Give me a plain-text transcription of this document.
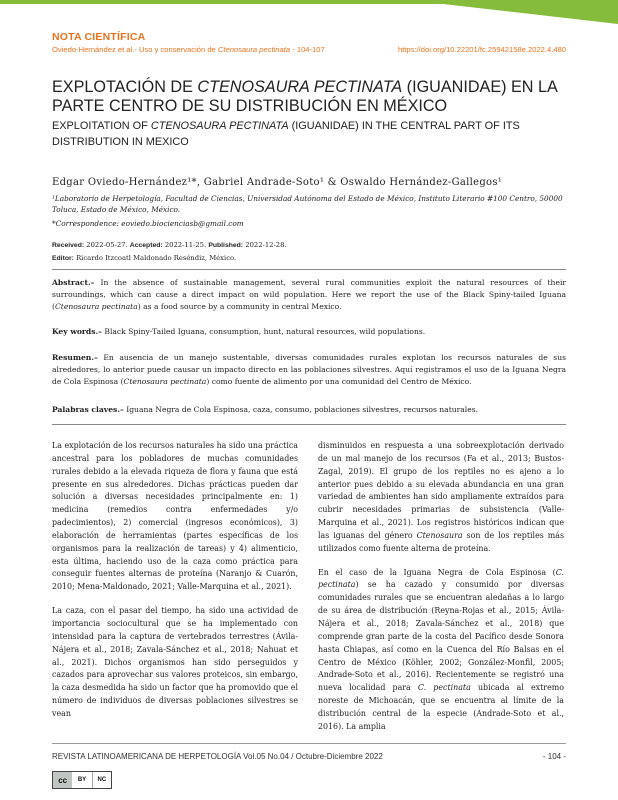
NOTA CIENTÍFICA
Oviedo-Hernández et al.- Uso y conservación de Ctenosaura pectinata - 104-107	https://doi.org/10.22201/fc.25942158e.2022.4.480
EXPLOTACIÓN DE CTENOSAURA PECTINATA (IGUANIDAE) EN LA PARTE CENTRO DE SU DISTRIBUCIÓN EN MÉXICO
EXPLOITATION OF CTENOSAURA PECTINATA (IGUANIDAE) IN THE CENTRAL PART OF ITS DISTRIBUTION IN MEXICO
Edgar Oviedo-Hernández¹*, Gabriel Andrade-Soto¹ & Oswaldo Hernández-Gallegos¹
¹Laboratorio de Herpetología, Facultad de Ciencias, Universidad Autónoma del Estado de México, Instituto Literario #100 Centro, 50000 Toluca, Estado de México, México.
*Correspondence: eoviedo.biocienciasb@gmail.com
Received: 2022-05-27. Accepted: 2022-11-25. Published: 2022-12-28.
Editor: Ricardo Itzcoatl Maldonado Reséndiz, México.
Abstract.– In the absence of sustainable management, several rural communities exploit the natural resources of their surroundings, which can cause a direct impact on wild population. Here we report the use of the Black Spiny-tailed Iguana (Ctenosaura pectinata) as a food source by a community in central Mexico.
Key words.– Black Spiny-Tailed Iguana, consumption, hunt, natural resources, wild populations.
Resumen.– En ausencia de un manejo sustentable, diversas comunidades rurales explotan los recursos naturales de sus alrededores, lo anterior puede causar un impacto directo en las poblaciones silvestres. Aquí registramos el uso de la Iguana Negra de Cola Espinosa (Ctenosaura pectinata) como fuente de alimento por una comunidad del Centro de México.
Palabras claves.– Iguana Negra de Cola Espinosa, caza, consumo, poblaciones silvestres, recursos naturales.

La explotación de los recursos naturales ha sido una práctica ancestral para los pobladores de muchas comunidades rurales debido a la elevada riqueza de flora y fauna que está presente en sus alrededores. Dichas prácticas pueden dar solución a diversas necesidades principalmente en: 1) medicina (remedios contra enfermedades y/o padecimientos), 2) comercial (ingresos económicos), 3) elaboración de herramientas (partes específicas de los organismos para la realización de tareas) y 4) alimenticio, esta última, haciendo uso de la caza como práctica para conseguir fuentes alternas de proteína (Naranjo & Cuarón, 2010; Mena-Maldonado, 2021; Valle-Marquina et al., 2021).

La caza, con el pasar del tiempo, ha sido una actividad de importancia sociocultural que se ha implementado con intensidad para la captura de vertebrados terrestres (Ávila-Nájera et al., 2018; Zavala-Sánchez et al., 2018; Nahuat et al., 2021). Dichos organismos han sido perseguidos y cazados para aprovechar sus valores proteicos, sin embargo, la caza desmedida ha sido un factor que ha promovido que el número de individuos de diversas poblaciones silvestres se vean

disminuidos en respuesta a una sobreexplotación derivado de un mal manejo de los recursos (Fa et al., 2013; Bustos-Zagal, 2019). El grupo de los reptiles no es ajeno a lo anterior pues debido a su elevada abundancia en una gran variedad de ambientes han sido ampliamente extraídos para cubrir necesidades primarias de subsistencia (Valle-Marquina et al., 2021). Los registros históricos indican que las iguanas del género Ctenosaura son de los reptiles más utilizados como fuente alterna de proteína.

En el caso de la Iguana Negra de Cola Espinosa (C. pectinata) se ha cazado y consumido por diversas comunidades rurales que se encuentran aledañas a lo largo de su área de distribución (Reyna-Rojas et al., 2015; Ávila-Nájera et al., 2018; Zavala-Sánchez et al., 2018) que comprende gran parte de la costa del Pacífico desde Sonora hasta Chiapas, así como en la Cuenca del Río Balsas en el Centro de México (Köhler, 2002; González-Monfil, 2005; Andrade-Soto et al., 2016). Recientemente se registró una nueva localidad para C. pectinata ubicada al extremo noreste de Michoacán, que se encuentra al límite de la distribución central de la especie (Andrade-Soto et al., 2016). La amplia

REVISTA LATINOAMERICANA DE HERPETOLOGÍA Vol.05 No.04 / Octubre-Diciembre 2022	- 104 -
cc	BY	NC
